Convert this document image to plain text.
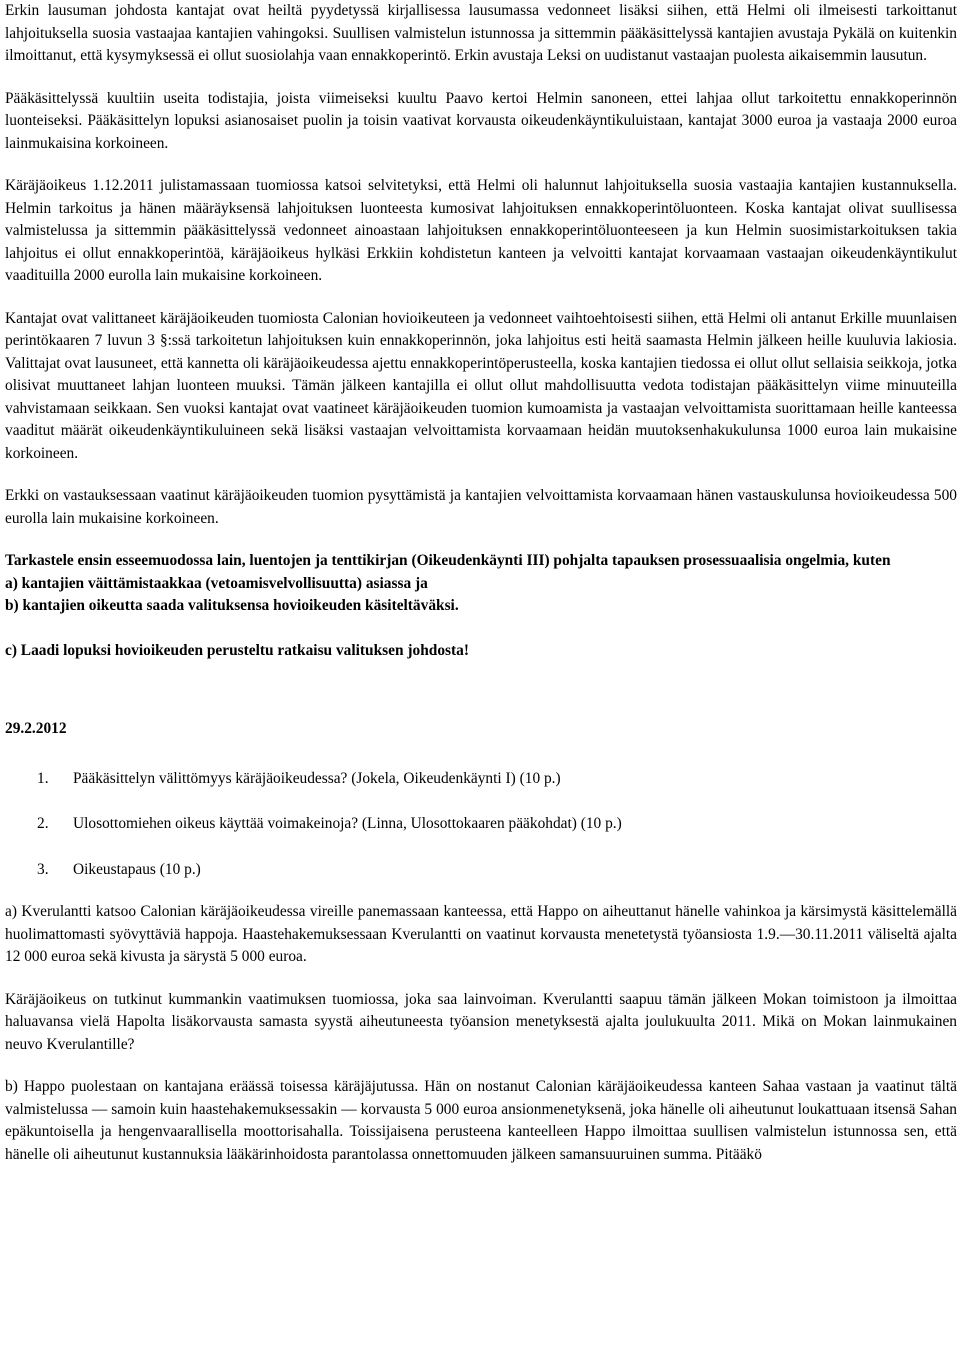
Erkin lausuman johdosta kantajat ovat heiltä pyydetyssä kirjallisessa lausumassa vedonneet lisäksi siihen, että Helmi oli ilmeisesti tarkoittanut lahjoituksella suosia vastaajaa kantajien vahingoksi. Suullisen valmistelun istunnossa ja sittemmin pääkäsittelyssä kantajien avustaja Pykälä on kuitenkin ilmoittanut, että kysymyksessä ei ollut suosiolahja vaan ennakkoperintö. Erkin avustaja Leksi on uudistanut vastaajan puolesta aikaisemmin lausutun.

Pääkäsittelyssä kuultiin useita todistajia, joista viimeiseksi kuultu Paavo kertoi Helmin sanoneen, ettei lahjaa ollut tarkoitettu ennakkoperinnön luonteiseksi. Pääkäsittelyn lopuksi asianosaiset puolin ja toisin vaativat korvausta oikeudenkäyntikuluistaan, kantajat 3000 euroa ja vastaaja 2000 euroa lainmukaisina korkoineen.

Käräjäoikeus 1.12.2011 julistamassaan tuomiossa katsoi selvitetyksi, että Helmi oli halunnut lahjoituksella suosia vastaajia kantajien kustannuksella. Helmin tarkoitus ja hänen määräyksensä lahjoituksen luonteesta kumosivat lahjoituksen ennakkoperintöluonteen. Koska kantajat olivat suullisessa valmistelussa ja sittemmin pääkäsittelyssä vedonneet ainoastaan lahjoituksen ennakkoperintöluonteeseen ja kun Helmin suosimistarkoituksen takia lahjoitus ei ollut ennakkoperintöä, käräjäoikeus hylkäsi Erkkiin kohdistetun kanteen ja velvoitti kantajat korvaamaan vastaajan oikeudenkäyntikulut vaadituilla 2000 eurolla lain mukaisine korkoineen.

Kantajat ovat valittaneet käräjäoikeuden tuomiosta Calonian hovioikeuteen ja vedonneet vaihtoehtoisesti siihen, että Helmi oli antanut Erkille muunlaisen perintökaaren 7 luvun 3 §:ssä tarkoitetun lahjoituksen kuin ennakkoperinnön, joka lahjoitus esti heitä saamasta Helmin jälkeen heille kuuluvia lakiosia. Valittajat ovat lausuneet, että kannetta oli käräjäoikeudessa ajettu ennakkoperintöperusteella, koska kantajien tiedossa ei ollut ollut sellaisia seikkoja, jotka olisivat muuttaneet lahjan luonteen muuksi. Tämän jälkeen kantajilla ei ollut ollut mahdollisuutta vedota todistajan pääkäsittelyn viime minuuteilla vahvistamaan seikkaan. Sen vuoksi kantajat ovat vaatineet käräjäoikeuden tuomion kumoamista ja vastaajan velvoittamista suorittamaan heille kanteessa vaaditut määrät oikeudenkäyntikuluineen sekä lisäksi vastaajan velvoittamista korvaamaan heidän muutoksenhakukulunsa 1000 euroa lain mukaisine korkoineen.

Erkki on vastauksessaan vaatinut käräjäoikeuden tuomion pysyttämistä ja kantajien velvoittamista korvaamaan hänen vastauskulunsa hovioikeudessa 500 eurolla lain mukaisine korkoineen.

Tarkastele ensin esseemuodossa lain, luentojen ja tenttikirjan (Oikeudenkäynti III) pohjalta tapauksen prosessuaalisia ongelmia, kuten

a) kantajien väittämistaakkaa (vetoamisvelvollisuutta) asiassa ja

b) kantajien oikeutta saada valituksensa hovioikeuden käsiteltäväksi.

c) Laadi lopuksi hovioikeuden perusteltu ratkaisu valituksen johdosta!

29.2.2012

1. Pääkäsittelyn välittömyys käräjäoikeudessa? (Jokela, Oikeudenkäynti I) (10 p.)
2. Ulosottomiehen oikeus käyttää voimakeinoja? (Linna, Ulosottokaaren pääkohdat) (10 p.)
3. Oikeustapaus (10 p.)

a) Kverulantti katsoo Calonian käräjäoikeudessa vireille panemassaan kanteessa, että Happo on aiheuttanut hänelle vahinkoa ja kärsimystä käsittelemällä huolimattomasti syövyttäviä happoja. Haastehakemuksessaan Kverulantti on vaatinut korvausta menetetystä työansiosta 1.9.—30.11.2011 väliseltä ajalta 12 000 euroa sekä kivusta ja särystä 5 000 euroa.

Käräjäoikeus on tutkinut kummankin vaatimuksen tuomiossa, joka saa lainvoiman. Kverulantti saapuu tämän jälkeen Mokan toimistoon ja ilmoittaa haluavansa vielä Hapolta lisäkorvausta samasta syystä aiheutuneesta työansion menetyksestä ajalta joulukuulta 2011. Mikä on Mokan lainmukainen neuvo Kverulantille?

b) Happo puolestaan on kantajana eräässä toisessa käräjäjutussa. Hän on nostanut Calonian käräjäoikeudessa kanteen Sahaa vastaan ja vaatinut tältä valmistelussa — samoin kuin haastehakemuksessakin — korvausta 5 000 euroa ansionmenetyksenä, joka hänelle oli aiheutunut loukattuaan itsensä Sahan epäkuntoisella ja hengenvaarallisella moottorisahalla. Toissijaisena perusteena kanteelleen Happo ilmoittaa suullisen valmistelun istunnossa sen, että hänelle oli aiheutunut kustannuksia lääkärinhoidosta parantolassa onnettomuuden jälkeen samansuuruinen summa. Pitääkö
